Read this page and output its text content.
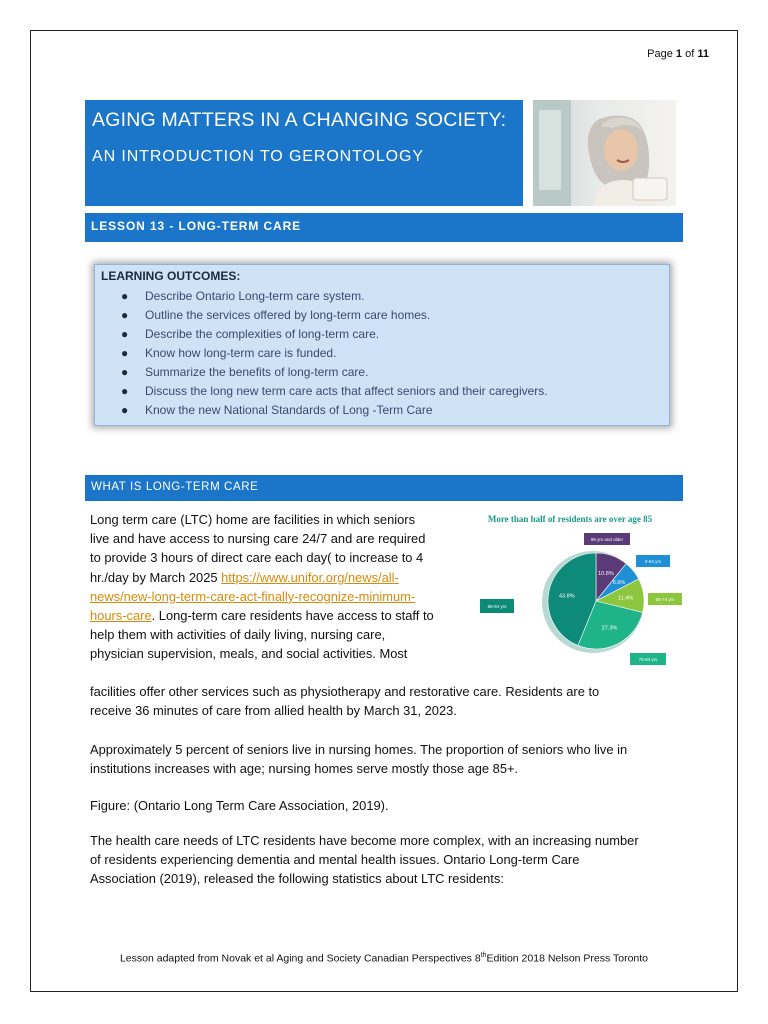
Page 1 of 11
AGING MATTERS IN A CHANGING SOCIETY:
AN INTRODUCTION TO GERONTOLOGY
LESSON 13 - LONG-TERM CARE
LEARNING OUTCOMES:
● Describe Ontario Long-term care system.
● Outline the services offered by long-term care homes.
● Describe the complexities of long-term care.
● Know how long-term care is funded.
● Summarize the benefits of long-term care.
● Discuss the long new term care acts that affect seniors and their caregivers.
● Know the new National Standards of Long -Term Care
WHAT IS LONG-TERM CARE
Long term care (LTC) home are facilities in which seniors
live and have access to nursing care 24/7 and are required
to provide 3 hours of direct care each day( to increase to 4
hr./day by March 2025 https://www.unifor.org/news/all-
news/new-long-term-care-act-finally-recognize-minimum-
hours-care. Long-term care residents have access to staff to
help them with activities of daily living, nursing care,
physician supervision, meals, and social activities. Most
facilities offer other services such as physiotherapy and restorative care. Residents are to
receive 36 minutes of care from allied health by March 31, 2023.
Approximately 5 percent of seniors live in nursing homes. The proportion of seniors who live in
institutions increases with age; nursing homes serve mostly those age 85+.
Figure: (Ontario Long Term Care Association, 2019).
The health care needs of LTC residents have become more complex, with an increasing number
of residents experiencing dementia and mental health issues. Ontario Long-term Care
Association (2019), released the following statistics about LTC residents:
More than half of residents are over age 85
10.8%
6.6%
11.4%
27.3%
43.8%
95 yrs and older
0-64 yrs
65-74 yrs
75-84 yrs
85-94 yrs
Lesson adapted from Novak et al Aging and Society Canadian Perspectives 8thEdition 2018 Nelson Press Toronto
